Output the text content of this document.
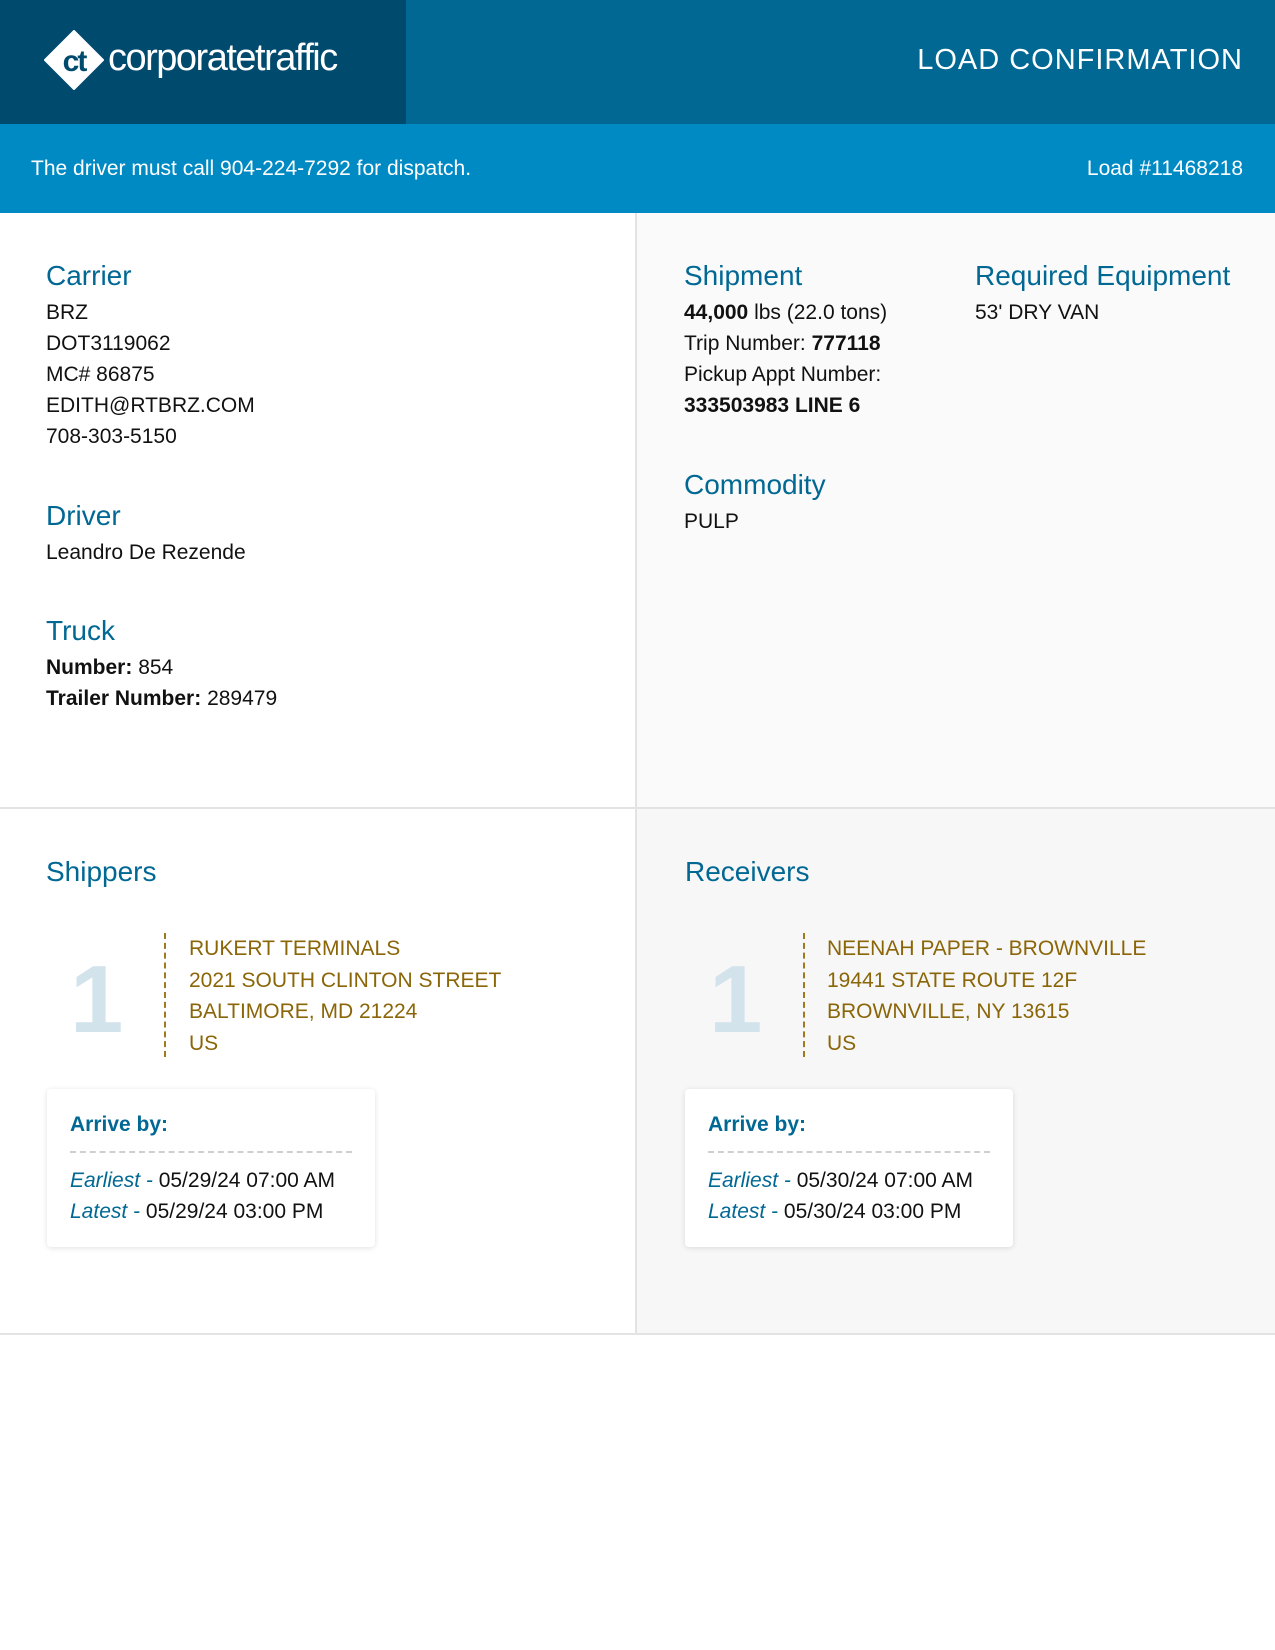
ct corporatetraffic	LOAD CONFIRMATION
The driver must call 904-224-7292 for dispatch.	Load #11468218
Carrier
BRZ
DOT3119062
MC# 86875
EDITH@RTBRZ.COM
708-303-5150
Driver
Leandro De Rezende
Truck
Number: 854
Trailer Number: 289479
Shipment
44,000 lbs (22.0 tons)
Trip Number: 777118
Pickup Appt Number:
333503983 LINE 6
Required Equipment
53' DRY VAN
Commodity
PULP
Shippers
1	RUKERT TERMINALS
2021 SOUTH CLINTON STREET
BALTIMORE, MD 21224
US
Arrive by:
Earliest - 05/29/24 07:00 AM
Latest - 05/29/24 03:00 PM
Receivers
1	NEENAH PAPER - BROWNVILLE
19441 STATE ROUTE 12F
BROWNVILLE, NY 13615
US
Arrive by:
Earliest - 05/30/24 07:00 AM
Latest - 05/30/24 03:00 PM
